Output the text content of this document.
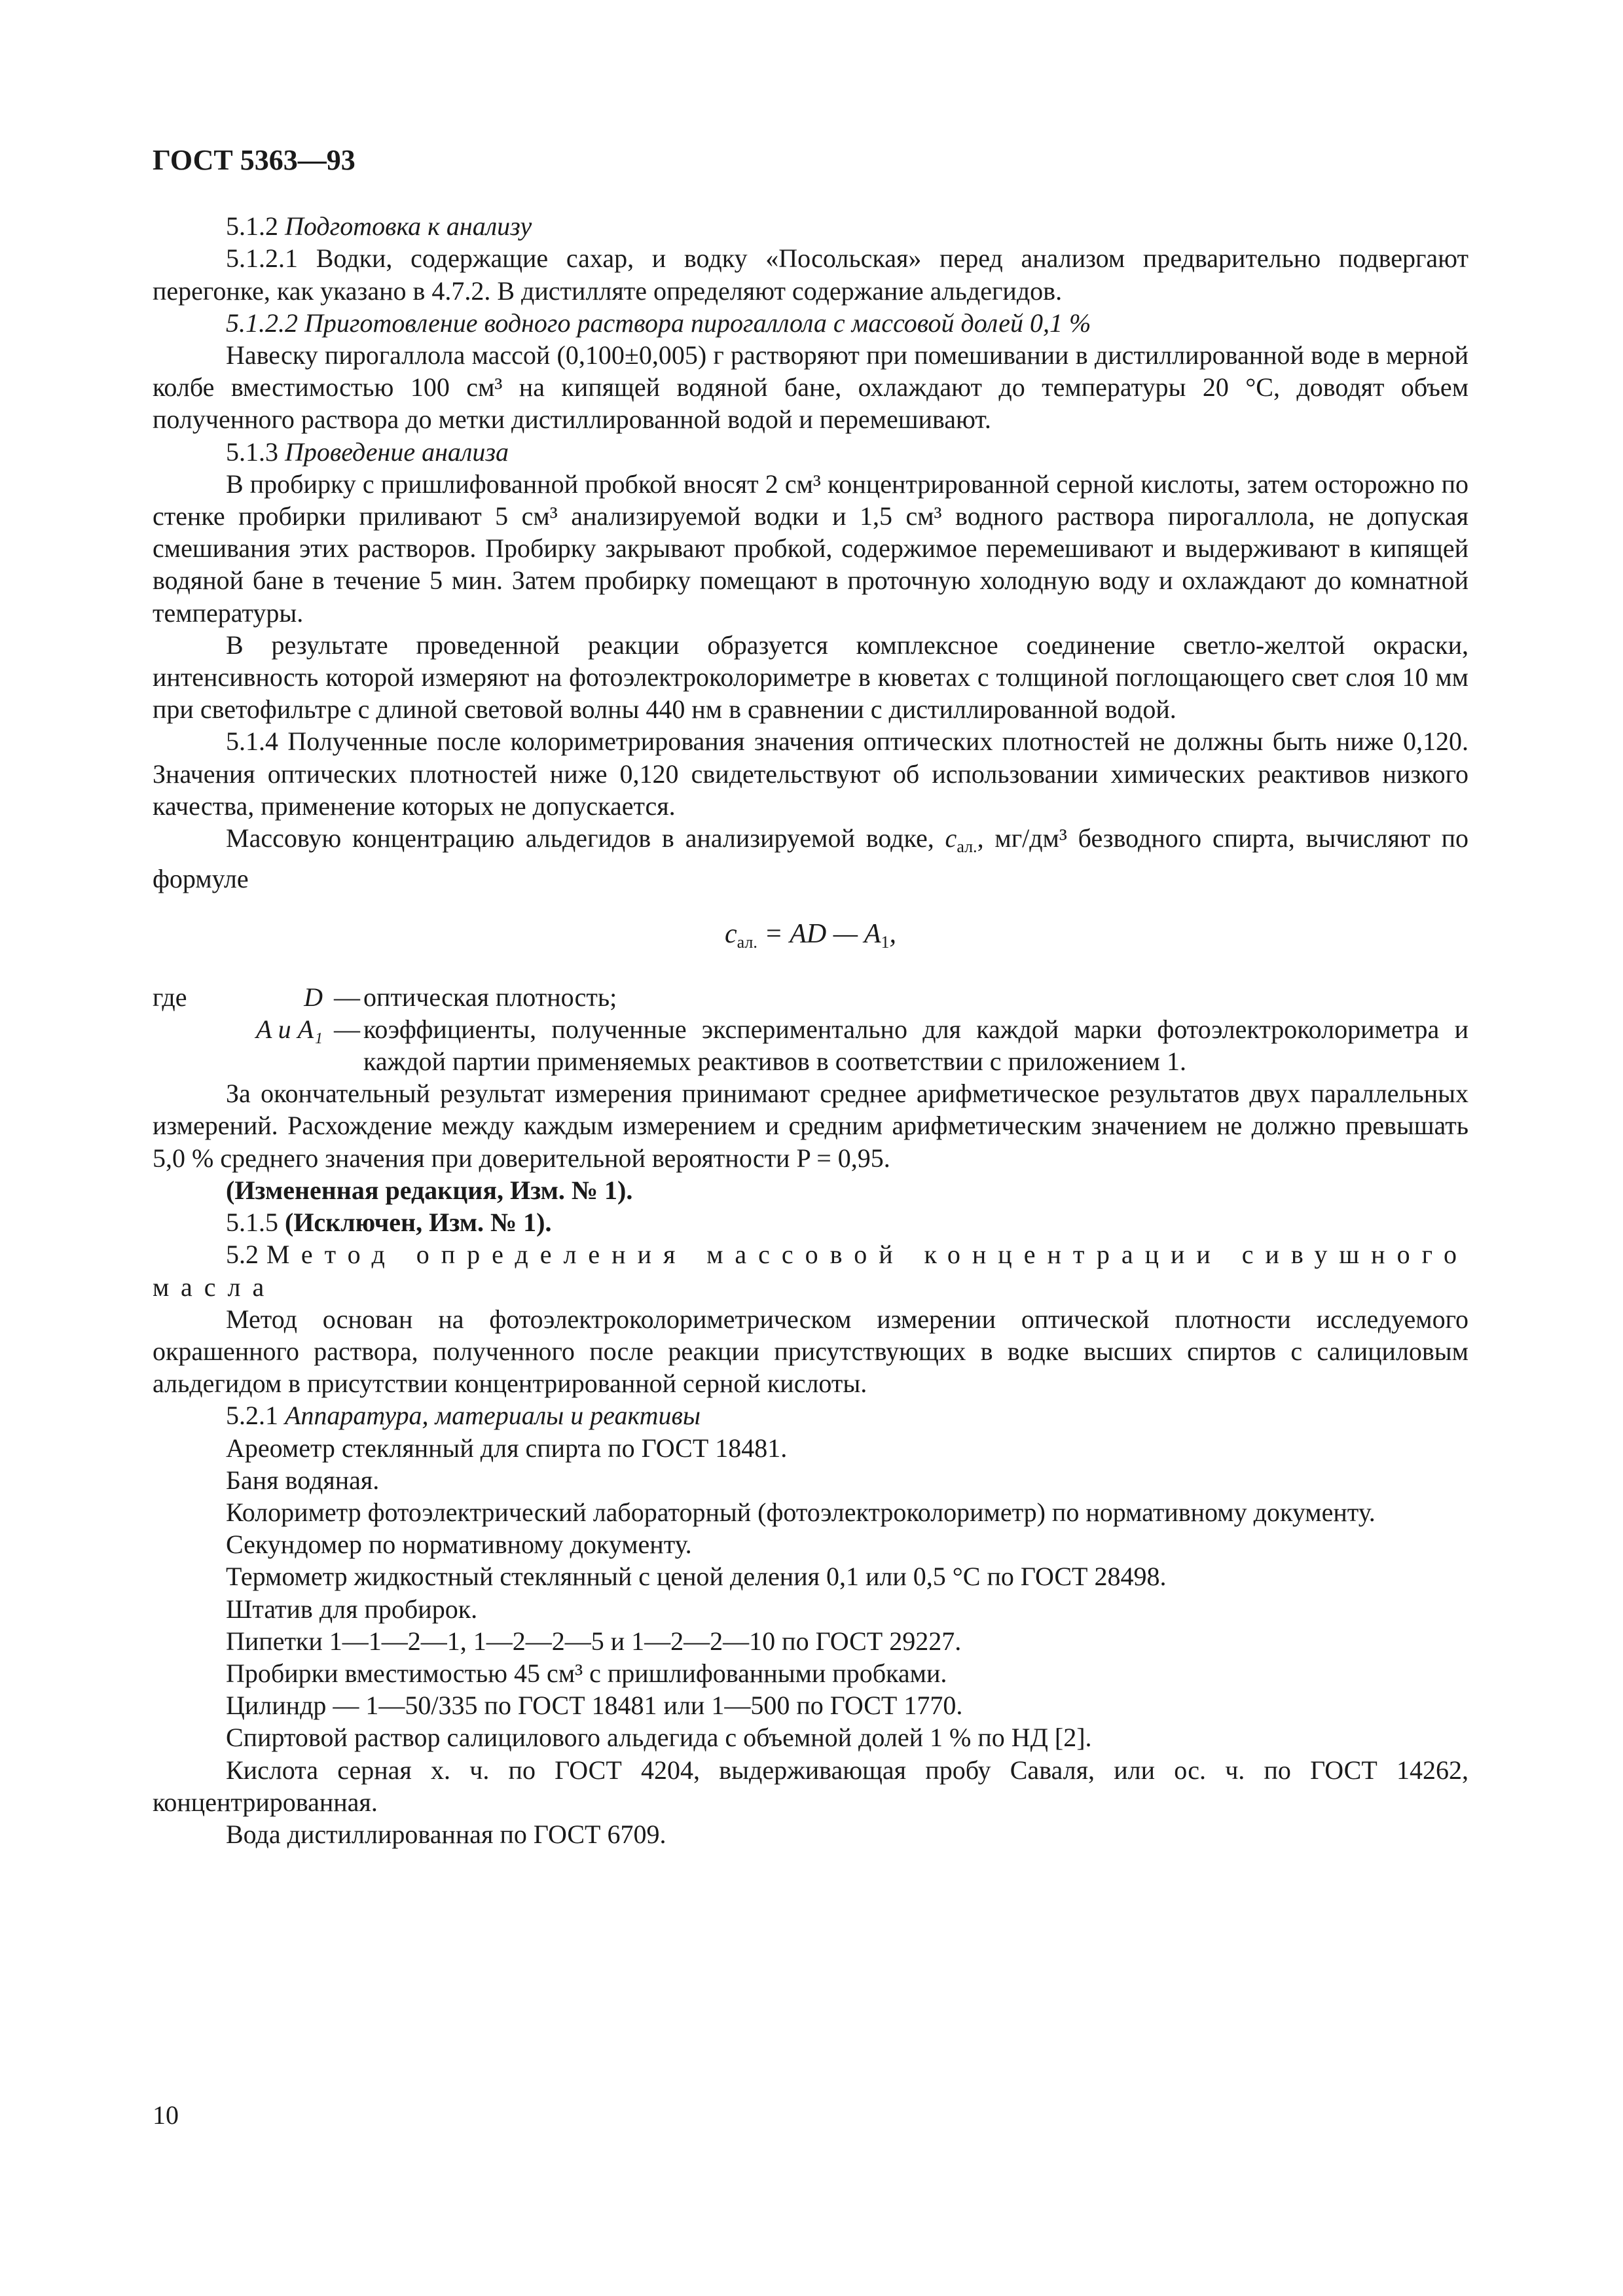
ГОСТ 5363—93

5.1.2 Подготовка к анализу

5.1.2.1 Водки, содержащие сахар, и водку «Посольская» перед анализом предварительно подвергают перегонке, как указано в 4.7.2. В дистилляте определяют содержание альдегидов.

5.1.2.2 Приготовление водного раствора пирогаллола с массовой долей 0,1 %

Навеску пирогаллола массой (0,100±0,005) г растворяют при помешивании в дистиллированной воде в мерной колбе вместимостью 100 см³ на кипящей водяной бане, охлаждают до температуры 20 °С, доводят объем полученного раствора до метки дистиллированной водой и перемешивают.

5.1.3 Проведение анализа

В пробирку с пришлифованной пробкой вносят 2 см³ концентрированной серной кислоты, затем осторожно по стенке пробирки приливают 5 см³ анализируемой водки и 1,5 см³ водного раствора пирогаллола, не допуская смешивания этих растворов. Пробирку закрывают пробкой, содержимое перемешивают и выдерживают в кипящей водяной бане в течение 5 мин. Затем пробирку помещают в проточную холодную воду и охлаждают до комнатной температуры.

В результате проведенной реакции образуется комплексное соединение светло-желтой окраски, интенсивность которой измеряют на фотоэлектроколориметре в кюветах с толщиной поглощающего свет слоя 10 мм при светофильтре с длиной световой волны 440 нм в сравнении с дистиллированной водой.

5.1.4 Полученные после колориметрирования значения оптических плотностей не должны быть ниже 0,120. Значения оптических плотностей ниже 0,120 свидетельствуют об использовании химических реактивов низкого качества, применение которых не допускается.

Массовую концентрацию альдегидов в анализируемой водке, $c_{ал.}$, мг/дм³ безводного спирта, вычисляют по формуле

$c_{ал.}$ = AD — $A_1$,
где	D	—	оптическая плотность;
	A и A₁	—	коэффициенты, полученные экспериментально для каждой марки фотоэлектроколориметра и каждой партии применяемых реактивов в соответствии с приложением 1.

За окончательный результат измерения принимают среднее арифметическое результатов двух параллельных измерений. Расхождение между каждым измерением и средним арифметическим значением не должно превышать 5,0 % среднего значения при доверительной вероятности P = 0,95.

(Измененная редакция, Изм. № 1).

5.1.5 (Исключен, Изм. № 1).

5.2 Метод определения массовой концентрации сивушного масла

Метод основан на фотоэлектроколориметрическом измерении оптической плотности исследуемого окрашенного раствора, полученного после реакции присутствующих в водке высших спиртов с салициловым альдегидом в присутствии концентрированной серной кислоты.

5.2.1 Аппаратура, материалы и реактивы

Ареометр стеклянный для спирта по ГОСТ 18481.

Баня водяная.

Колориметр фотоэлектрический лабораторный (фотоэлектроколориметр) по нормативному документу.

Секундомер по нормативному документу.

Термометр жидкостный стеклянный с ценой деления 0,1 или 0,5 °С по ГОСТ 28498.

Штатив для пробирок.

Пипетки 1—1—2—1, 1—2—2—5 и 1—2—2—10 по ГОСТ 29227.

Пробирки вместимостью 45 см³ с пришлифованными пробками.

Цилиндр — 1—50/335 по ГОСТ 18481 или 1—500 по ГОСТ 1770.

Спиртовой раствор салицилового альдегида с объемной долей 1 % по НД [2].

Кислота серная х. ч. по ГОСТ 4204, выдерживающая пробу Саваля, или ос. ч. по ГОСТ 14262, концентрированная.

Вода дистиллированная по ГОСТ 6709.

10
